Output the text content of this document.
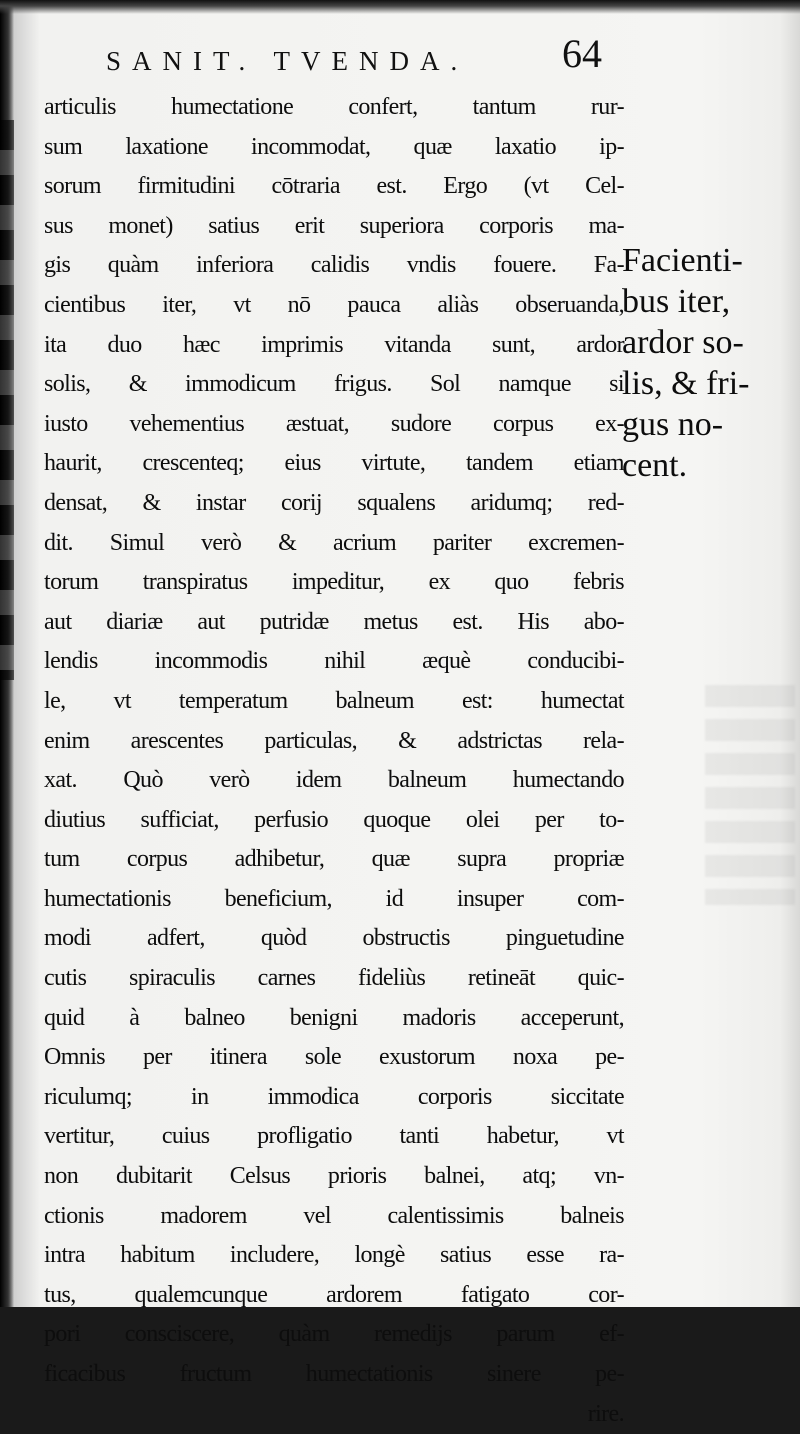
SANIT. TVENDA. 64
articulis humectatione confert, tantum rur-
sum laxatione incommodat, quæ laxatio ip-
sorum firmitudini cōtraria est. Ergo (vt Cel-
sus monet) satius erit superiora corporis ma-
gis quàm inferiora calidis vndis fouere. Fa-
cientibus iter, vt nō pauca aliàs obseruanda,
ita duo hæc imprimis vitanda sunt, ardor
solis, & immodicum frigus. Sol namque si
iusto vehementius æstuat, sudore corpus ex-
haurit, crescenteq; eius virtute, tandem etiam
densat, & instar corij squalens aridumq; red-
dit. Simul verò & acrium pariter excremen-
torum transpiratus impeditur, ex quo febris
aut diariæ aut putridæ metus est. His abo-
lendis incommodis nihil æquè conducibi-
le, vt temperatum balneum est: humectat
enim arescentes particulas, & adstrictas rela-
xat. Quò verò idem balneum humectando
diutius sufficiat, perfusio quoque olei per to-
tum corpus adhibetur, quæ supra propriæ
humectationis beneficium, id insuper com-
modi adfert, quòd obstructis pinguetudine
cutis spiraculis carnes fideliùs retineāt quic-
quid à balneo benigni madoris acceperunt,
Omnis per itinera sole exustorum noxa pe-
riculumq; in immodica corporis siccitate
vertitur, cuius profligatio tanti habetur, vt
non dubitarit Celsus prioris balnei, atq; vn-
ctionis madorem vel calentissimis balneis
intra habitum includere, longè satius esse ra-
tus, qualemcunque ardorem fatigato cor-
pori consciscere, quàm remedijs parum ef-
ficacibus fructum humectationis sinere pe-
rire.
Facienti-
bus iter,
ardor so-
lis, & fri-
gus no-
cent.
